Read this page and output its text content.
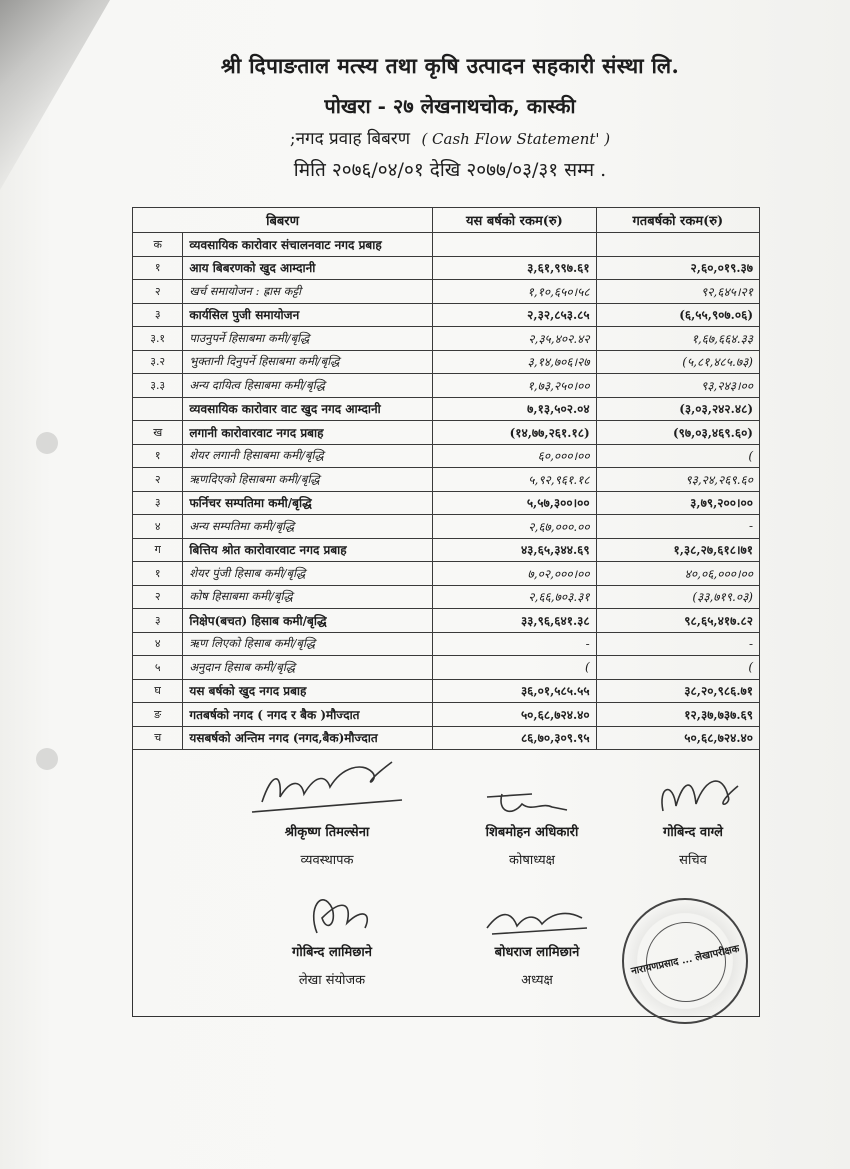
श्री दिपाङताल मत्स्य तथा कृषि उत्पादन सहकारी संस्था लि.
पोखरा - २७ लेखनाथचोक, कास्की
;नगद प्रवाह बिबरण ( Cash Flow Statement' )
मिति २०७६/०४/०१ देखि २०७७/०३/३१ सम्म .
बिबरण		यस बर्षको रकम(रु)	गतबर्षको रकम(रु)
क	व्यवसायिक कारोवार संचालनवाट नगद प्रबाह		
१	आय बिबरणको खुद आम्दानी	३,६१,९९७.६१	२,६०,०१९.३७
२	खर्च समायोजन : ह्रास कट्टी	१,१०,६५०।५८	९२,६४५।२१
३	कार्यसिल पुजी समायोजन	२,३२,८५३.८५	(६,५५,९०७.०६)
३.१	पाउनुपर्ने हिसाबमा कमी/बृद्धि	२,३५,४०२.४२	१,६७,६६४.३३
३.२	भुक्तानी दिनुपर्ने हिसाबमा कमी/बृद्धि	३,१४,७०६।२७	(५,८१,४८५.७३)
३.३	अन्य दायित्व हिसाबमा कमी/बृद्धि	१,७३,२५०।००	९३,२४३।००
	व्यवसायिक कारोवार वाट खुद नगद आम्दानी	७,१३,५०२.०४	(३,०३,२४२.४८)
ख	लगानी कारोवारवाट नगद प्रबाह	(१४,७७,२६१.१८)	(९७,०३,४६९.६०)
१	शेयर लगानी हिसाबमा कमी/बृद्धि	६०,०००।००	(
२	ऋणदिएको हिसाबमा कमी/बृद्धि	५,९२,९६१.१८	९३,२४,२६९.६०
३	फर्निचर सम्पतिमा कमी/बृद्धि	५,५७,३००।००	३,७९,२००।००
४	अन्य सम्पतिमा कमी/बृद्धि	२,६७,०००.००	-
ग	बित्तिय श्रोत कारोवारवाट नगद प्रबाह	४३,६५,३४४.६९	१,३८,२७,६१८।७१
१	शेयर पुंजी हिसाब कमी/बृद्धि	७,०२,०००।००	४०,०६,०००।००
२	कोष हिसाबमा कमी/बृद्धि	२,६६,७०३.३१	(३३,७१९.०३)
३	निक्षेप(बचत) हिसाब कमी/बृद्धि	३३,९६,६४१.३८	९८,६५,४१७.८२
४	ऋण लिएको हिसाब कमी/बृद्धि	-	-
५	अनुदान हिसाब कमी/बृद्धि	(	(
घ	यस बर्षको खुद नगद प्रबाह	३६,०१,५८५.५५	३८,२०,९८६.७१
ङ	गतबर्षको नगद ( नगद र बैक )मौज्दात	५०,६८,७२४.४०	१२,३७,७३७.६९
च	यसबर्षको अन्तिम नगद (नगद,बैक)मौज्दात	८६,७०,३०९.९५	५०,६८,७२४.४०
श्रीकृष्ण तिमल्सेना
व्यवस्थापक
शिबमोहन अधिकारी
कोषाध्यक्ष
गोबिन्द वाग्ले
सचिव
गोबिन्द लामिछाने
लेखा संयोजक
बोधराज लामिछाने
अध्यक्ष
नारायणप्रसाद ... लेखापरीक्षक
